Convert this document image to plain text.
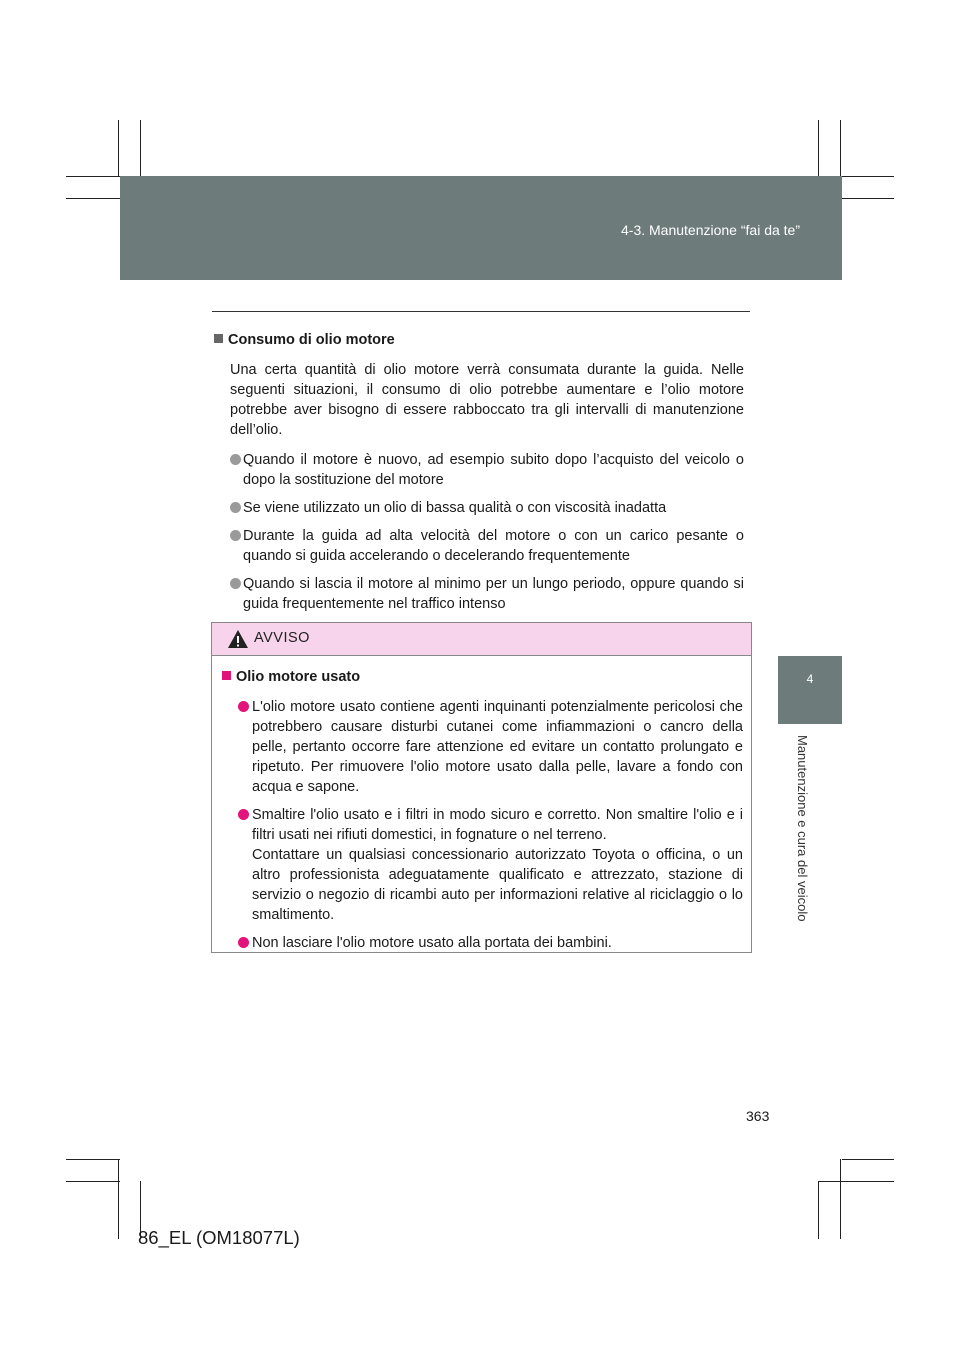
4-3. Manutenzione “fai da te”
4
Manutenzione e cura del veicolo

Consumo di olio motore

Una certa quantità di olio motore verrà consumata durante la guida. Nelle seguenti situazioni, il consumo di olio potrebbe aumentare e l’olio motore potrebbe aver bisogno di essere rabboccato tra gli intervalli di manutenzione dell’olio.

Quando il motore è nuovo, ad esempio subito dopo l’acquisto del veicolo o dopo la sostituzione del motore
Se viene utilizzato un olio di bassa qualità o con viscosità inadatta
Durante la guida ad alta velocità del motore o con un carico pesante o quando si guida accelerando o decelerando frequentemente
Quando si lascia il motore al minimo per un lungo periodo, oppure quando si guida frequentemente nel traffico intenso
AVVISO

Olio motore usato

L'olio motore usato contiene agenti inquinanti potenzialmente pericolosi che potrebbero causare disturbi cutanei come infiammazioni o cancro della pelle, pertanto occorre fare attenzione ed evitare un contatto prolungato e ripetuto. Per rimuovere l'olio motore usato dalla pelle, lavare a fondo con acqua e sapone.
Smaltire l'olio usato e i filtri in modo sicuro e corretto. Non smaltire l'olio e i filtri usati nei rifiuti domestici, in fognature o nel terreno.
Contattare un qualsiasi concessionario autorizzato Toyota o officina, o un altro professionista adeguatamente qualificato e attrezzato, stazione di servizio o negozio di ricambi auto per informazioni relative al riciclaggio o lo smaltimento.
Non lasciare l'olio motore usato alla portata dei bambini.
363
86_EL (OM18077L)
